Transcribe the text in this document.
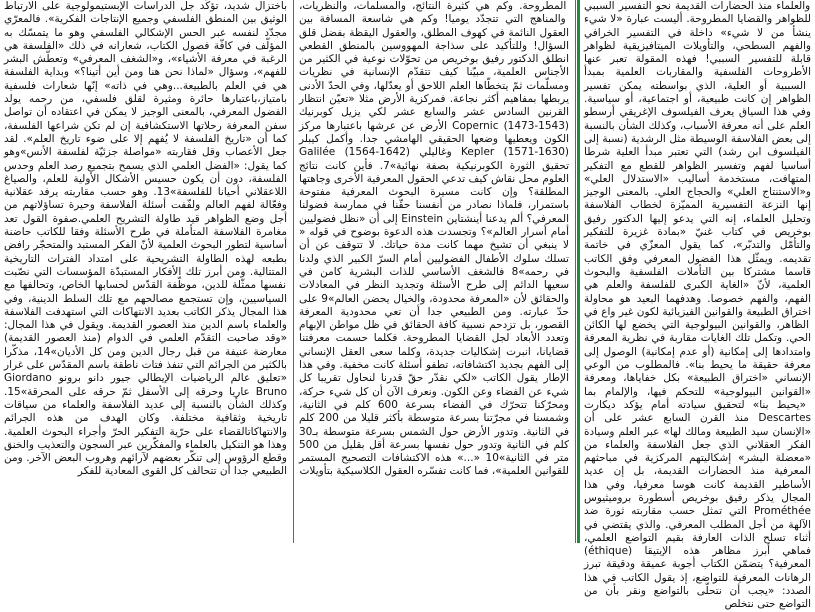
والعلماء منذ الحضارات القديمة نحو التفسير السببي للظواهر والقضايا المطروحة. أليست عبارة «لا شيء ينشأ من لا شيء» داخلة في التفسير الخرافي والفهم السطحي، والتأويلات الميتافيزيقية لظواهر قابلة للتفسير السببي! فهذه المقولة تعبر عنها الأطروحات الفلسفية والمقاربات العلمية بمبدأ السببية أو العلية، الذي بواسطته يمكن تفسير الظواهر إن كانت طبيعية، أو اجتماعية، أو سياسية. وفي هذا السياق يعرف الفيلسوف الإغريقي أرسطو العلم على أنه معرفة الأسباب، وكذلك الشأن بالنسبة إلى بعض الفلاسفة الوسيطة مثل الرشدية (نسبة إلى الفيلسوف ابن رشد) التي تعتبر مبدأ العلية شرطا أساسيا لفهم وتفسير الظواهر للقطع مع التفكير المتهافت، مستخدمة أساليب «الاستدلال العلي» و«الاستنتاج العلي» والحجاج العلي. بالمعنى الوجيز إنها النزعة التفسيرية المميّزة لخطاب الفلاسفة وتحليل العلماء، إنه التي يدعو إليها الدكتور رفيق بوخريص في كتاب غنيّ «بمادة غزيرة للتفكير والتأمّل والتدبّر»، كما يقول المعزّي في خاتمة تقديمه. ويمثّل هذا الفضول المعرفي وفق الكاتب قاسما مشتركا بين التأملات الفلسفية والبحوث العلمية، لأنّ «الغاية الكبرى للفلسفة والعلم هي الفهم، والفهم خصوصا. وهدفهما البعيد هو محاولة اختراق الطبيعة والقوانين الفيزيائية لكون غير واع في الظاهر، والقوانين البيولوجية التي يخضع لها الكائن الحي. وتكمل تلك الغايات مقاربة في نظرية المعرفة وامتدادها إلى إمكانية (أو عدم إمكانية) الوصول إلى معرفة حقيقة ما يحيط بنا». فالمطلوب من الوعي الإنساني «اختراق الطبيعة» بكل خفاياها، ومعرفة «القوانين البيولوجية» للتحكم فيها، والإلمام بما «يحيط بنا» لتحقيق سيادته أمام يؤكد ديكارت Descartes منذ القرن السابع عشر على أن «الإنسان سيد الطبيعة ومالك لها» عبر العلم وسيادة الفكر العقلاني الذي جعل الفلاسفة والعلماء من «معضلة البشر» إشكاليتهم المركزية في مباحثهم المعرفية منذ الحضارات القديمة، بل إن عديد الأساطير القديمة كانت هوسا معرفيا، وفي هذا المجال يذكر رفيق بوخريص أسطورة بروميثيوس Prométhée التي تمثل حسب مقاربته ثورة ضد الآلهة من أجل المطلب المعرفي. والذي يقتضي في أثناء تسلح الذات العارفة بقيم التواضع العلمي، فماهي أبرز مظاهر هذه الإيتيقا (éthique) المعرفية؟ يتضمّن الكتاب أجوبة عميقة ودقيقة تبرز الرهانات المعرفية للتواضع، إذ يقول الكاتب في هذا الصدد: «يجب أن نتحلّى بالتواضع ونقر بأن من التواضع حتى نتخلص

المطروحة. وكم هي كثيرة النتائج، والمسلّمات، والنظريات، والمناهج التي تتجدّد يوميا! وكم هي شاسعة المسافة بين العقول النائمة في كهوف المطلق، والعقول اليقظة بفضل قلق السؤال! وللتأكيد على سذاجة المهووسين بالمنطق القطعي انطلق الدكتور رفيق بوخريص من تحوّلات نوعية في الكثير من الأجناس العلمية، مبيّنا كيف تتقدّم الإنسانية في نظريات ومسلّمات ثمّ يتخطّاها العلم اللاحق أو يعدّلها، وفي الحدّ الأدنى يربطها بمفاهيم أكثر نجاعة. فمركزية الأرض مثلا «تعيّن انتظار القرنين السادس عشر والسابع عشر لكي يزيل كوبرنيك Copernic (1473-1543) الأرض عن عرشها باعتبارها مركز الكون ويعطيها وضعها الحقيقي الهامشي جدا. وأكمل كيبلر Kepler (1571-1630) وغاليلي Galilée (1564-1642) تحقيق الثورة الكوبرنيكية بصفة نهائية»7. فأين كانت نتائج العلوم محل نقاش كيف تدعي الحقول المعرفية الأخرى وجاهتها المطلقة؟ وإن كانت مسيرة البحوث المعرفية مفتوحة باستمرار، فلماذا نصادر من أنفسنا حقّنا في ممارسة فضولنا المعرفي؟ ألم يدعنا أينشتاين Einstein إلى أن «نظل فضوليين أمام أسرار العالم»؟ وتجسدت هذه الدعوة بوضوح في قوله « لا ينبغي أن تشيخ مهما كانت مدة حياتك. لا تتوقف عن أن تسلك سلوك الأطفال الفضوليين أمام السرّ الكبير الذي ولدنا في رحمه»8 فالشغف الأساسي للذات البشرية كامن في سعيها الدائم إلى طرح الأسئلة وتجديد النظر في المعادلات والحقائق لأن «المعرفة محدودة، والخيال يحضن العالم»9 على حدّ عبارته. ومن الطبيعي جدا أن تعي محدودية المعرفة القصور، بل تزدحم نسبية كافة الحقائق في ظل مواطن الإبهام وتعدد الأبعاد لجل القضايا المطروحة. فكلما حسمت معرفتنا قضايانا، انبرت إشكاليات جديدة، وكلما سعى العقل الإنساني إلى الفهم بجديد اكتشافاته، تطفو أسئلة كانت مخفية. وفي هذا الإطار يقول الكاتب «لكي نقدّر حقّ قدرنا لنحاول تقريبا كل شيء عن الفضاء وعن الكون. ونعرف الآن أن كل شيء حركة، ومحرّكنا تتحرّك في الفضاء بسرعة 600 كلم في الثانية، وشمسنا في مجرّتنا بسرعة متوسطة بأكثر قليلا من 200 كلم في الثانية. وتدور الأرض حول الشمس بسرعة متوسطة بـ30 كلم في الثانية وتدور حول نفسها بسرعة أقل بقليل من 500 متر في الثانية»10 «...» هذه الاكتشافات التصحيح المستمر للقوانين العلمية»، فما كانت تفسّره العقول الكلاسيكية بتأويلات

باختزال شديد، تؤكّد جل الدراسات الإبستيمولوجية على الارتباط الوثيق بين المنطق الفلسفي وجميع الإنتاجات الفكرية». فالمعرّي مجدّد لنفسه عبر الحس الإشكالي الفلسفي وهو ما يتمسّك به المؤلّف في كافّة فصول الكتاب، شعارانه في ذلك «الفلسفة هي الرغبة في معرفة الأشياء»، و«الشغف المعرفي» وتعطّش البشر للفهم»، وسؤال «لماذا نحن هنا ومن أين أتينا؟» وبداية الفلسفة هي في العلم بالطبيعة...وهي في ذاته» إنّها شعارات فلسفية بامتياز،باعتبارها حائرة ومثيرة لقلق فلسفي، من رحمه يولد الفضول المعرفي، بالمعنى الوجيز لا يمكن في اعتقاده أن تواصل سفن المعرفة رحلاتها الاستكشافية إن لم تكن شراعها الفلسفة، كما أن «تاريخ الفلسفة لا يُفهم إلا على ضوء تاريخ العلم». لقد جعل الأعصاب وقل فقاربته «مواصلة جزئيّة لفلسفة الأنس»وهو كما يقول: «الفضل العلمي الذي يسمح بتجميع رصد العلم وحدس الفلسفة، دون أن يكون حسيس الأشكال الأولية للعلم، والصياغ اللاعقلاني أحيانا للفلسفة»13. وهو حسب مقاربته يرفد عقلانية وفعّالة لفهم العالم ولفّفت أسئلة الفلاسفة وحيرة تساؤلاتهم من أجل وضع الظواهر قيد طاولة التشريح العلمي.صفوة القول تعد مغامرة الفلاسفة المتأملة في طرح الأسئلة وفقا للكاتب حاضنة أساسية لتطور البحوث العلمية لأنّ الفكر المستبد والمتحجّر رافض بطبعه لهذه الطاولة التشريحية على امتداد الفترات التاريخية المتتالية. ومن أبرز تلك الأفكار المستبدّة المؤسسات التي نصّبت نفسها ممثّلة للدين، موظّفة القدّس لحسابها الخاص، وتحالفها مع السياسيين، وإن تستجمع مصالحهم مع تلك السلط الدينية، وفي هذا المجال يذكر الكاتب بعديد الانتهاكات التي استهدفت الفلاسفة والعلماء باسم الدين منذ العصور القديمة. ويقول في هذا المجال: «وقد صاحبت التقدّم العلمي في الدوام (منذ العصور القديمة) معارضة عنيفة من قبل رجال الدين ومن كل الأديان»14، مذكّرا بالكثير من الجرائم التي تنفذ فتات ناطقة باسم المقدّس على غرار «تعليق عالم الرياضيات الإيطالي جيور دانو برونو Giordano Bruno عاريا وحرقه إلى الأسفل ثمّ حرقه على المحرقة»15. وكذلك الشأن بالنسبة إلى عديد الفلاسفة والعلماء من سياقات تاريخية وثقافية مختلفة. وكان الهدف من هذه الجرائم والانتهاكاتالقضاء على حرّية التفكير الحرّ وأجراء البحوث العلمية. وهذا هو التنكيل بالعلماء والمفكّرين عبر السجون والتعذيب والخنق وقطع الرؤوس إلى تنكّر بعضهم لآرائهم وهروب البعض الآخر. ومن الطبيعي جدا أن تتحالف كل القوى المعادية للفكر
